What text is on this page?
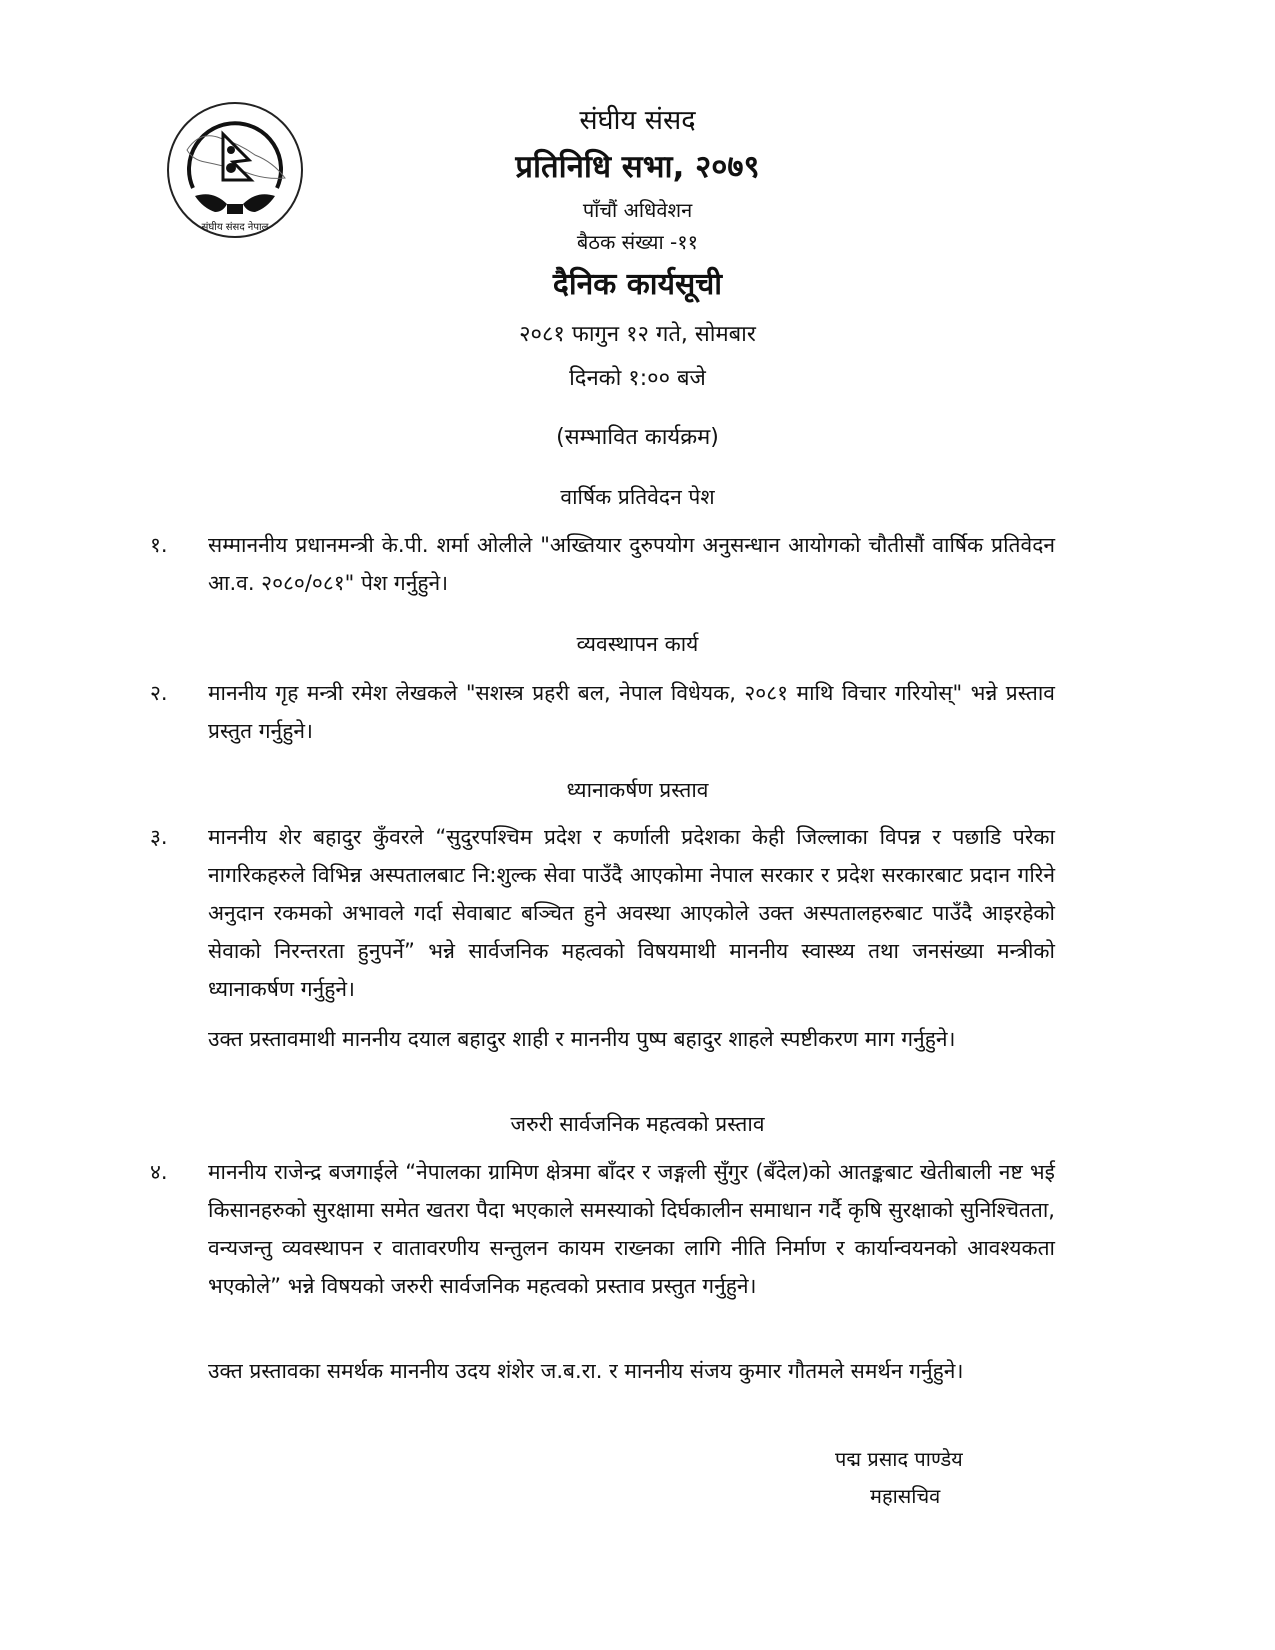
संघीय संसद नेपाल
संघीय संसद
प्रतिनिधि सभा, २०७९
पाँचौं अधिवेशन
बैठक संख्या -११
दैनिक कार्यसूची
२०८१ फागुन १२ गते, सोमबार
दिनको १:०० बजे
(सम्भावित कार्यक्रम)
वार्षिक प्रतिवेदन पेश
१.	सम्माननीय प्रधानमन्त्री के.पी. शर्मा ओलीले "अख्तियार दुरुपयोग अनुसन्धान आयोगको चौतीसौं वार्षिक प्रतिवेदन आ.व. २०८०/०८१" पेश गर्नुहुने।
व्यवस्थापन कार्य
२.	माननीय गृह मन्त्री रमेश लेखकले "सशस्त्र प्रहरी बल, नेपाल विधेयक, २०८१ माथि विचार गरियोस्" भन्ने प्रस्ताव प्रस्तुत गर्नुहुने।
ध्यानाकर्षण प्रस्ताव
३.	माननीय शेर बहादुर कुँवरले “सुदुरपश्चिम प्रदेश र कर्णाली प्रदेशका केही जिल्लाका विपन्न र पछाडि परेका नागरिकहरुले विभिन्न अस्पतालबाट नि:शुल्क सेवा पाउँदै आएकोमा नेपाल सरकार र प्रदेश सरकारबाट प्रदान गरिने अनुदान रकमको अभावले गर्दा सेवाबाट बञ्चित हुने अवस्था आएकोले उक्त अस्पतालहरुबाट पाउँदै आइरहेको सेवाको निरन्तरता हुनुपर्ने” भन्ने सार्वजनिक महत्वको विषयमाथी माननीय स्वास्थ्य तथा जनसंख्या मन्त्रीको ध्यानाकर्षण गर्नुहुने।
उक्त प्रस्तावमाथी माननीय दयाल बहादुर शाही र माननीय पुष्प बहादुर शाहले स्पष्टीकरण माग गर्नुहुने।
जरुरी सार्वजनिक महत्वको प्रस्ताव
४.	माननीय राजेन्द्र बजगाईले “नेपालका ग्रामिण क्षेत्रमा बाँदर र जङ्गली सुँगुर (बँदेल)को आतङ्कबाट खेतीबाली नष्ट भई किसानहरुको सुरक्षामा समेत खतरा पैदा भएकाले समस्याको दिर्घकालीन समाधान गर्दै कृषि सुरक्षाको सुनिश्चितता, वन्यजन्तु व्यवस्थापन र वातावरणीय सन्तुलन कायम राख्नका लागि नीति निर्माण र कार्यान्वयनको आवश्यकता भएकोले” भन्ने विषयको जरुरी सार्वजनिक महत्वको प्रस्ताव प्रस्तुत गर्नुहुने।
उक्त प्रस्तावका समर्थक माननीय उदय शंशेर ज.ब.रा. र माननीय संजय कुमार गौतमले समर्थन गर्नुहुने।
पद्म प्रसाद पाण्डेय
महासचिव
